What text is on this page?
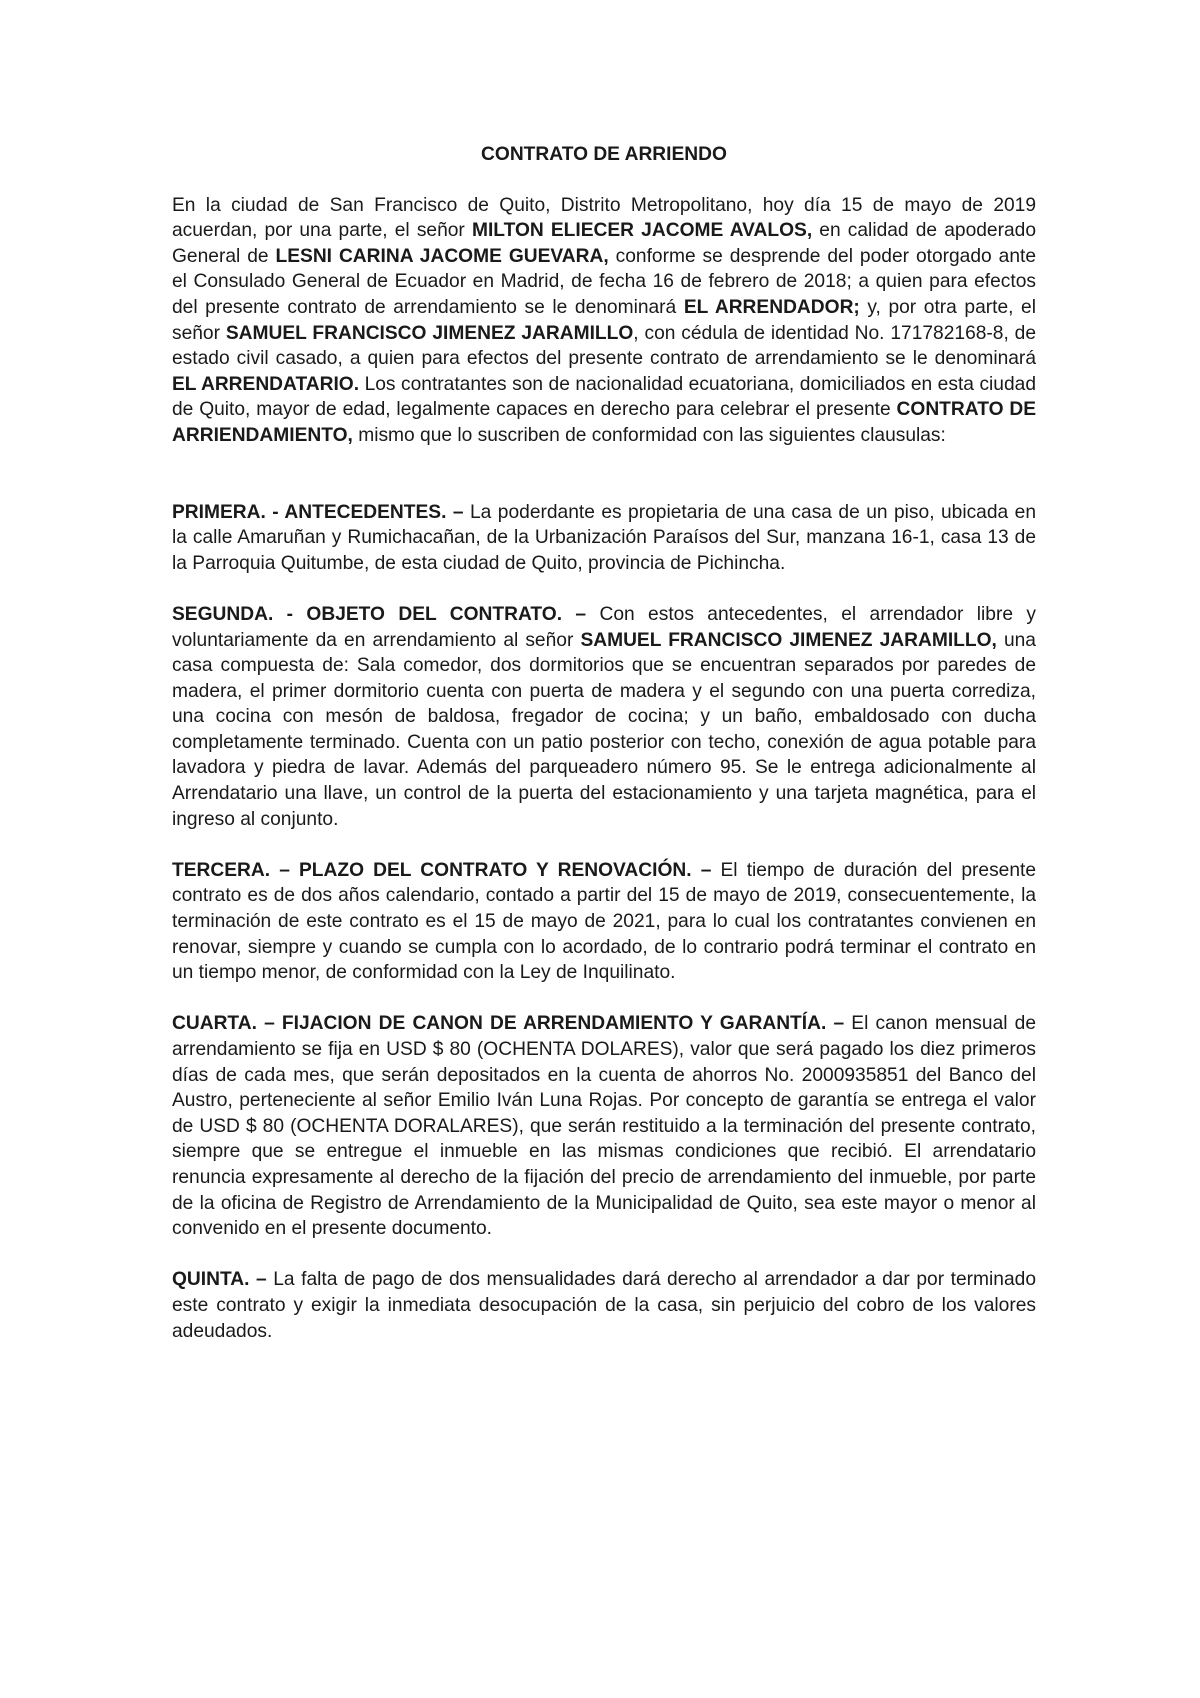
CONTRATO DE ARRIENDO

En la ciudad de San Francisco de Quito, Distrito Metropolitano, hoy día 15 de mayo de 2019 acuerdan, por una parte, el señor MILTON ELIECER JACOME AVALOS, en calidad de apoderado General de LESNI CARINA JACOME GUEVARA, conforme se desprende del poder otorgado ante el Consulado General de Ecuador en Madrid, de fecha 16 de febrero de 2018; a quien para efectos del presente contrato de arrendamiento se le denominará EL ARRENDADOR; y, por otra parte, el señor SAMUEL FRANCISCO JIMENEZ JARAMILLO, con cédula de identidad No. 171782168-8, de estado civil casado, a quien para efectos del presente contrato de arrendamiento se le denominará EL ARRENDATARIO. Los contratantes son de nacionalidad ecuatoriana, domiciliados en esta ciudad de Quito, mayor de edad, legalmente capaces en derecho para celebrar el presente CONTRATO DE ARRIENDAMIENTO, mismo que lo suscriben de conformidad con las siguientes clausulas:

PRIMERA. - ANTECEDENTES. – La poderdante es propietaria de una casa de un piso, ubicada en la calle Amaruñan y Rumichacañan, de la Urbanización Paraísos del Sur, manzana 16-1, casa 13 de la Parroquia Quitumbe, de esta ciudad de Quito, provincia de Pichincha.

SEGUNDA. - OBJETO DEL CONTRATO. – Con estos antecedentes, el arrendador libre y voluntariamente da en arrendamiento al señor SAMUEL FRANCISCO JIMENEZ JARAMILLO, una casa compuesta de: Sala comedor, dos dormitorios que se encuentran separados por paredes de madera, el primer dormitorio cuenta con puerta de madera y el segundo con una puerta corrediza, una cocina con mesón de baldosa, fregador de cocina; y un baño, embaldosado con ducha completamente terminado. Cuenta con un patio posterior con techo, conexión de agua potable para lavadora y piedra de lavar. Además del parqueadero número 95. Se le entrega adicionalmente al Arrendatario una llave, un control de la puerta del estacionamiento y una tarjeta magnética, para el ingreso al conjunto.

TERCERA. – PLAZO DEL CONTRATO Y RENOVACIÓN. – El tiempo de duración del presente contrato es de dos años calendario, contado a partir del 15 de mayo de 2019, consecuentemente, la terminación de este contrato es el 15 de mayo de 2021, para lo cual los contratantes convienen en renovar, siempre y cuando se cumpla con lo acordado, de lo contrario podrá terminar el contrato en un tiempo menor, de conformidad con la Ley de Inquilinato.

CUARTA. – FIJACION DE CANON DE ARRENDAMIENTO Y GARANTÍA. – El canon mensual de arrendamiento se fija en USD $ 80 (OCHENTA DOLARES), valor que será pagado los diez primeros días de cada mes, que serán depositados en la cuenta de ahorros No. 2000935851 del Banco del Austro, perteneciente al señor Emilio Iván Luna Rojas. Por concepto de garantía se entrega el valor de USD $ 80 (OCHENTA DORALARES), que serán restituido a la terminación del presente contrato, siempre que se entregue el inmueble en las mismas condiciones que recibió. El arrendatario renuncia expresamente al derecho de la fijación del precio de arrendamiento del inmueble, por parte de la oficina de Registro de Arrendamiento de la Municipalidad de Quito, sea este mayor o menor al convenido en el presente documento.

QUINTA. – La falta de pago de dos mensualidades dará derecho al arrendador a dar por terminado este contrato y exigir la inmediata desocupación de la casa, sin perjuicio del cobro de los valores adeudados.
